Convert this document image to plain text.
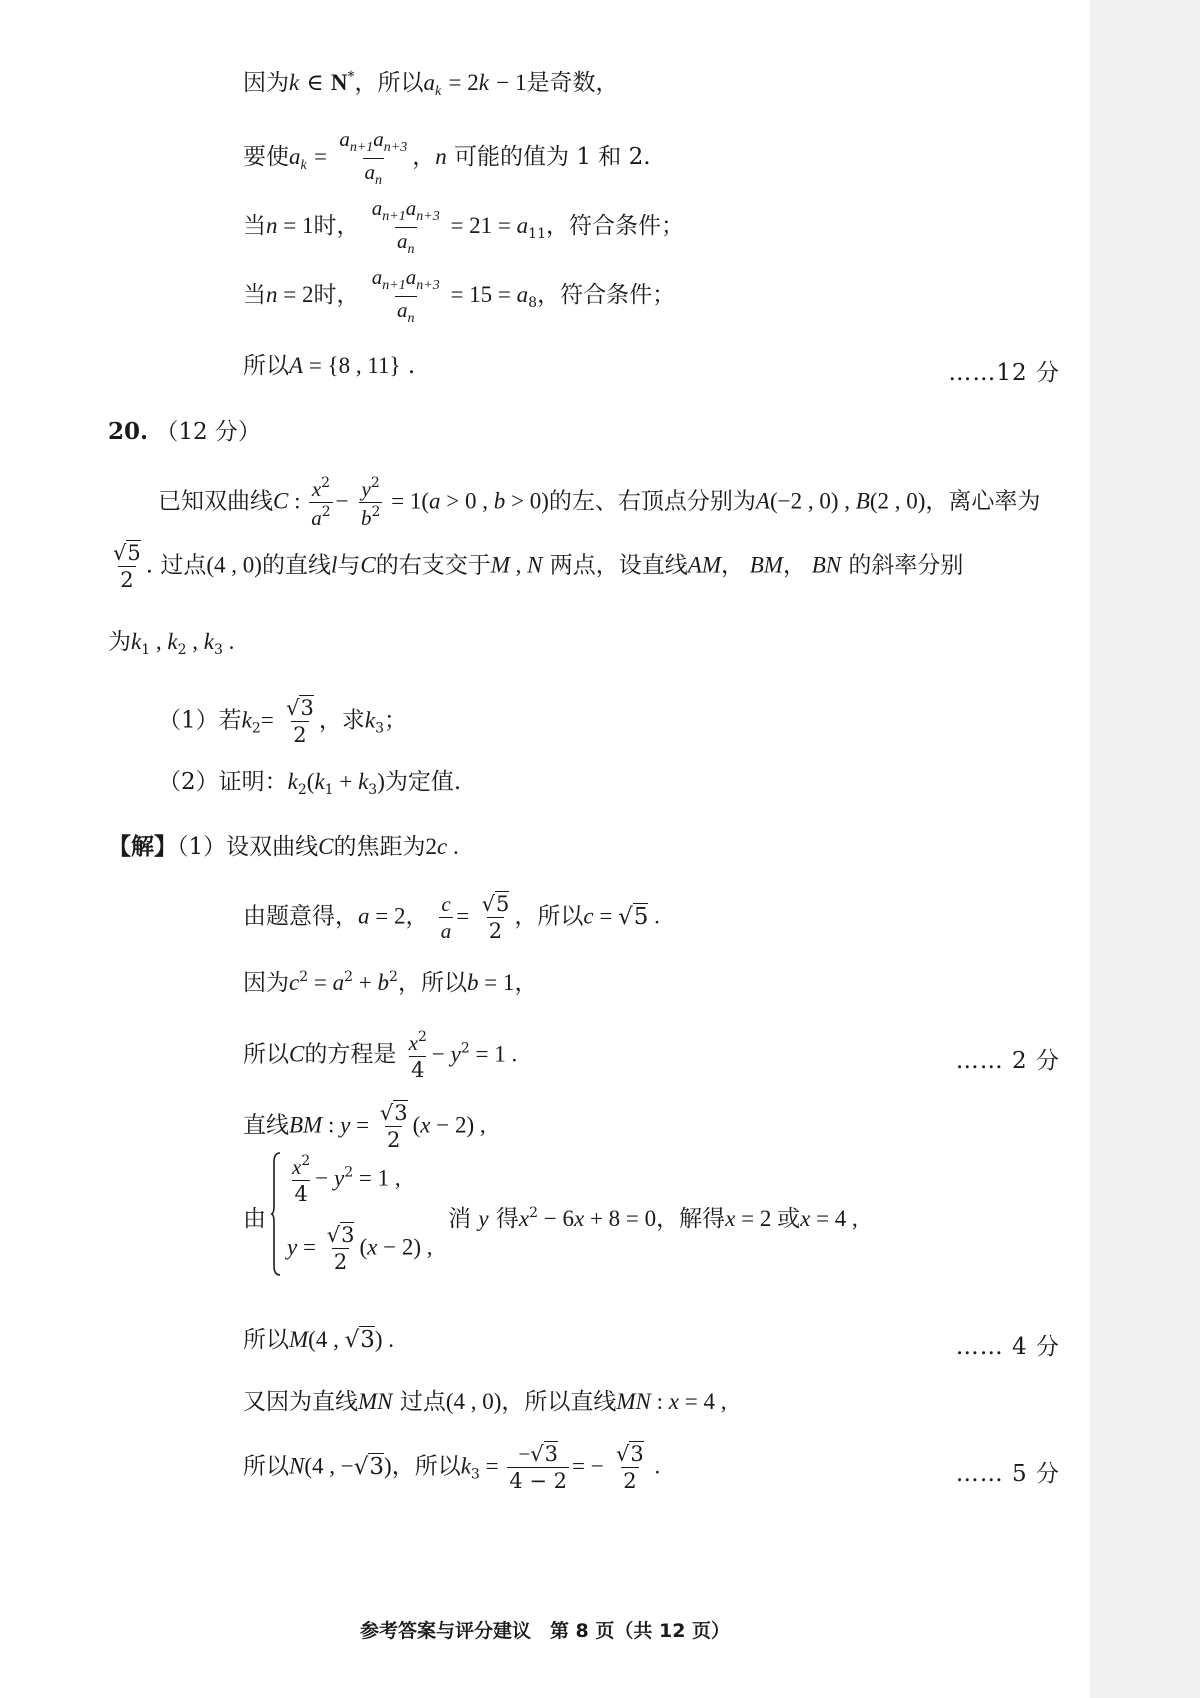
因为k ∈ N*，所以$a_k = 2k - 1$是奇数，
要使$a_k = \frac{a_{n+1}a_{n+3}}{a_n}$ ，n 可能的值为 1 和 2.
当n = 1时， $\frac{a_{n+1}a_{n+3}}{a_n} = 21 = a_{11}$，符合条件；
当n = 2时， $\frac{a_{n+1}a_{n+3}}{a_n} = 15 = a_8$，符合条件；
所以A = {8 , 11} .	……12 分
20. （12 分）
已知双曲线C : $\frac{x^2}{a^2} - \frac{y^2}{b^2} = 1(a > 0$ , b > 0)的左、右顶点分别为A(−2 , 0) , B(2 , 0)，离心率为
$\frac{√5}{2}$ . 过点(4 , 0)的直线l与C的右支交于M , N 两点，设直线AM， BM， BN 的斜率分别
为$k_1$ , $k_2$ , $k_3$ .
（1）若$k_2= \frac{√3}{2}$ ，求$k_3$；
（2）证明：$k_2(k_1 + k_3)$为定值.
【解】（1）设双曲线C的焦距为2c .
由题意得，a = 2， $\frac{c}{a} = \frac{√5}{2}$ ，所以c = √5 .
因为$c^2 = a^2 + b^2$，所以b = 1，
所以C的方程是 $\frac{x^2}{4} - y^2 = 1$ .	…… 2 分
直线BM : $y = \frac{√3}{2} (x - 2)$ ,
由
$\frac{x^2}{4} - y^2 = 1$ ,
$y = \frac{√3}{2} (x - 2)$ ,
消 y 得$x^2 - 6x + 8 = 0$，解得x = 2 或x = 4 ,
所以M(4 , √3) .	…… 4 分
又因为直线MN 过点(4 , 0)，所以直线MN : x = 4 ,
所以N(4 , −√3)，所以$k_3 = \frac{-√3}{4 - 2}$ = − $\frac{√3}{2}$ .	…… 5 分
参考答案与评分建议　第 8 页（共 12 页）
